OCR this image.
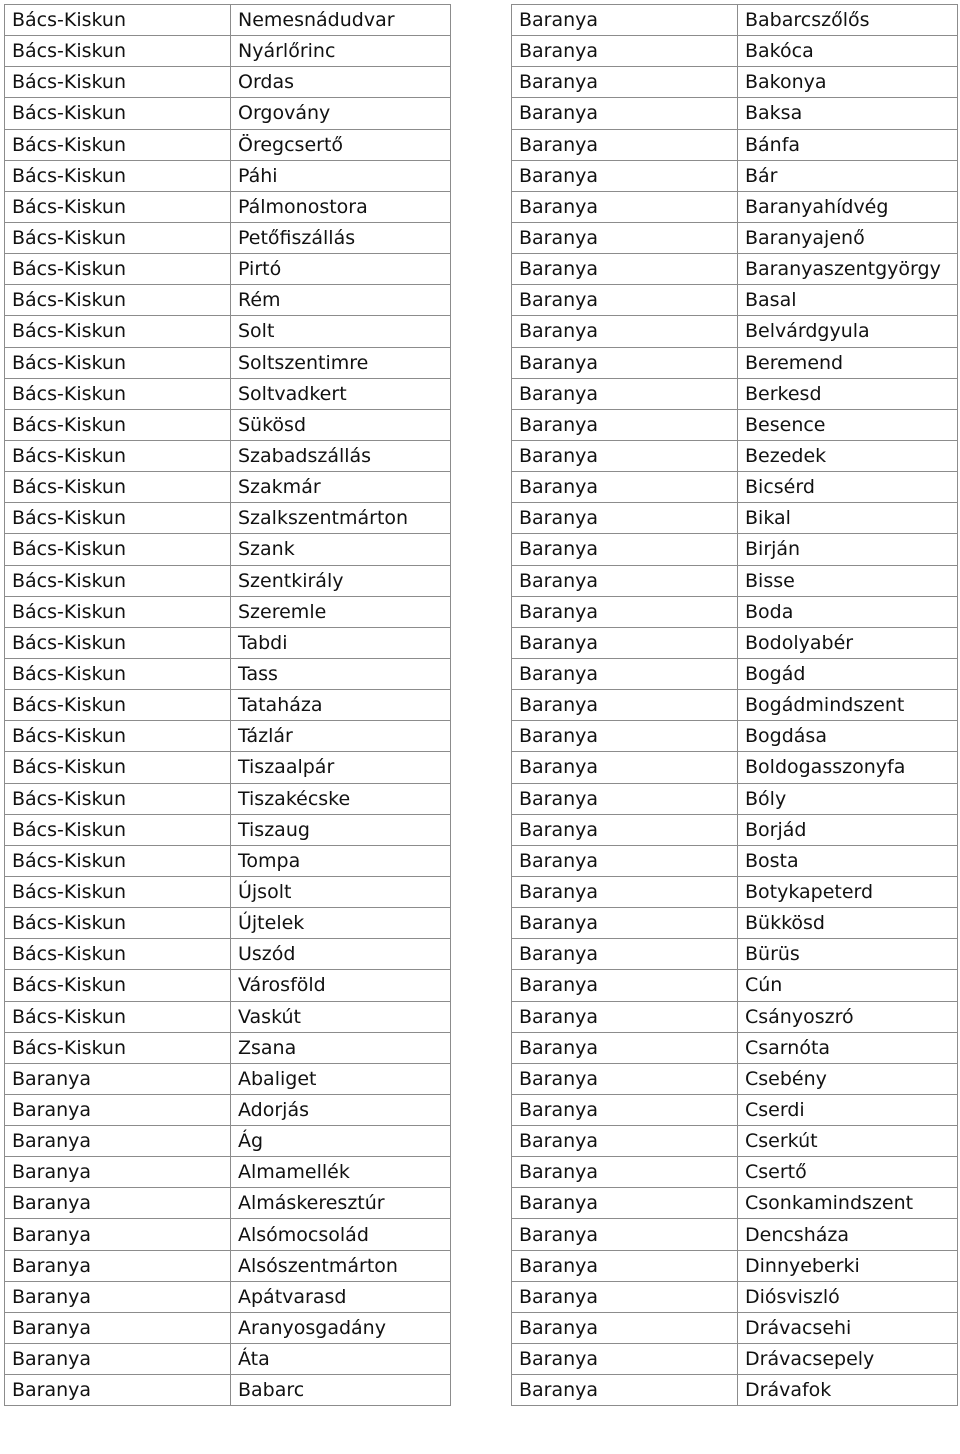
Bács-Kiskun	Nemesnádudvar
Bács-Kiskun	Nyárlőrinc
Bács-Kiskun	Ordas
Bács-Kiskun	Orgovány
Bács-Kiskun	Öregcsertő
Bács-Kiskun	Páhi
Bács-Kiskun	Pálmonostora
Bács-Kiskun	Petőfiszállás
Bács-Kiskun	Pirtó
Bács-Kiskun	Rém
Bács-Kiskun	Solt
Bács-Kiskun	Soltszentimre
Bács-Kiskun	Soltvadkert
Bács-Kiskun	Sükösd
Bács-Kiskun	Szabadszállás
Bács-Kiskun	Szakmár
Bács-Kiskun	Szalkszentmárton
Bács-Kiskun	Szank
Bács-Kiskun	Szentkirály
Bács-Kiskun	Szeremle
Bács-Kiskun	Tabdi
Bács-Kiskun	Tass
Bács-Kiskun	Tataháza
Bács-Kiskun	Tázlár
Bács-Kiskun	Tiszaalpár
Bács-Kiskun	Tiszakécske
Bács-Kiskun	Tiszaug
Bács-Kiskun	Tompa
Bács-Kiskun	Újsolt
Bács-Kiskun	Újtelek
Bács-Kiskun	Uszód
Bács-Kiskun	Városföld
Bács-Kiskun	Vaskút
Bács-Kiskun	Zsana
Baranya	Abaliget
Baranya	Adorjás
Baranya	Ág
Baranya	Almamellék
Baranya	Almáskeresztúr
Baranya	Alsómocsolád
Baranya	Alsószentmárton
Baranya	Apátvarasd
Baranya	Aranyosgadány
Baranya	Áta
Baranya	Babarc
Baranya	Babarcszőlős
Baranya	Bakóca
Baranya	Bakonya
Baranya	Baksa
Baranya	Bánfa
Baranya	Bár
Baranya	Baranyahídvég
Baranya	Baranyajenő
Baranya	Baranyaszentgyörgy
Baranya	Basal
Baranya	Belvárdgyula
Baranya	Beremend
Baranya	Berkesd
Baranya	Besence
Baranya	Bezedek
Baranya	Bicsérd
Baranya	Bikal
Baranya	Birján
Baranya	Bisse
Baranya	Boda
Baranya	Bodolyabér
Baranya	Bogád
Baranya	Bogádmindszent
Baranya	Bogdása
Baranya	Boldogasszonyfa
Baranya	Bóly
Baranya	Borjád
Baranya	Bosta
Baranya	Botykapeterd
Baranya	Bükkösd
Baranya	Bürüs
Baranya	Cún
Baranya	Csányoszró
Baranya	Csarnóta
Baranya	Csebény
Baranya	Cserdi
Baranya	Cserkút
Baranya	Csertő
Baranya	Csonkamindszent
Baranya	Dencsháza
Baranya	Dinnyeberki
Baranya	Diósviszló
Baranya	Drávacsehi
Baranya	Drávacsepely
Baranya	Drávafok
